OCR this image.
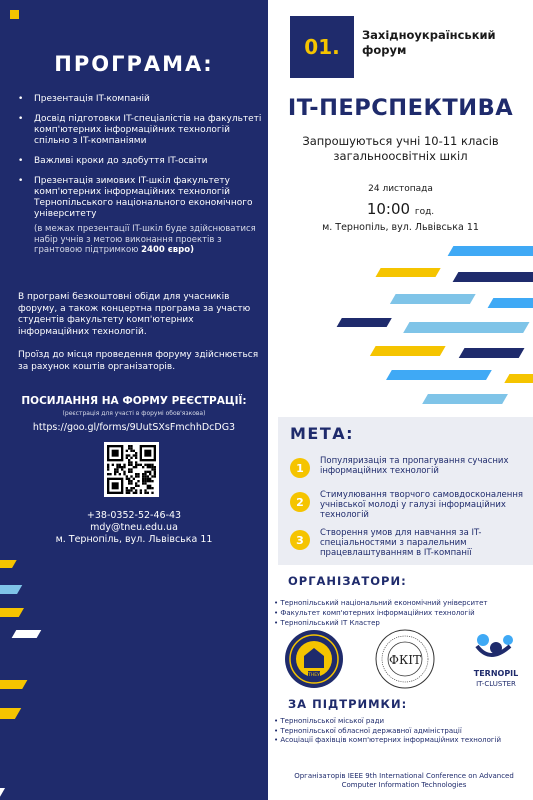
ПРОГРАМА:
• Презентація IT-компаній
• Досвід підготовки IT-спеціалістів на факультеті комп'ютерних інформаційних технологій спільно з IT-компаніями
• Важливі кроки до здобуття IT-освіти
• Презентація зимових IT-шкіл факультету комп'ютерних інформаційних технологій Тернопільського національного економічного університету
(в межах презентації IT-шкіл буде здійснюватися набір учнів з метою виконання проектів з грантовою підтримкою 2400 євро)
В програмі безкоштовні обіди для учасників форуму, а також концертна програма за участю студентів факультету комп'ютерних інформаційних технологій.
Проїзд до місця проведення форуму здійснюється за рахунок коштів організаторів.
ПОСИЛАННЯ НА ФОРМУ РЕЄСТРАЦІЇ:
(реєстрація для участі в форумі обов'язкова)
https://goo.gl/forms/9UutSXsFmchhDcDG3
+38-0352-52-46-43
mdy@tneu.edu.ua
м. Тернопіль, вул. Львівська 11
01.	Західноукраїнський
форум
IT-ПЕРСПЕКТИВА
Запрошуються учні 10-11 класів
загальноосвітніх шкіл
24 листопада
10:00 год.
м. Тернопіль, вул. Львівська 11
МЕТА:
1
Популяризація та пропагування сучасних інформаційних технологій
2
Стимулювання творчого самовдосконалення учнівської молоді у галузі інформаційних технологій
3
Створення умов для навчання за IT-спеціальностями з паралельним працевлаштуванням в IT-компанії
ОРГАНІЗАТОРИ:
• Тернопільський національний економічний університет
• Факультет комп'ютерних інформаційних технологій
• Тернопільський IT Кластер
ТНЕУ
ФКІТ
TERNOPIL
IT-CLUSTER
ЗА ПІДТРИМКИ:
• Тернопільської міської ради
• Тернопільської обласної державної адміністрації
• Асоціації фахівців комп'ютерних інформаційних технологій
Організаторів IEEE 9th International Conference on Advanced Computer Information Technologies
